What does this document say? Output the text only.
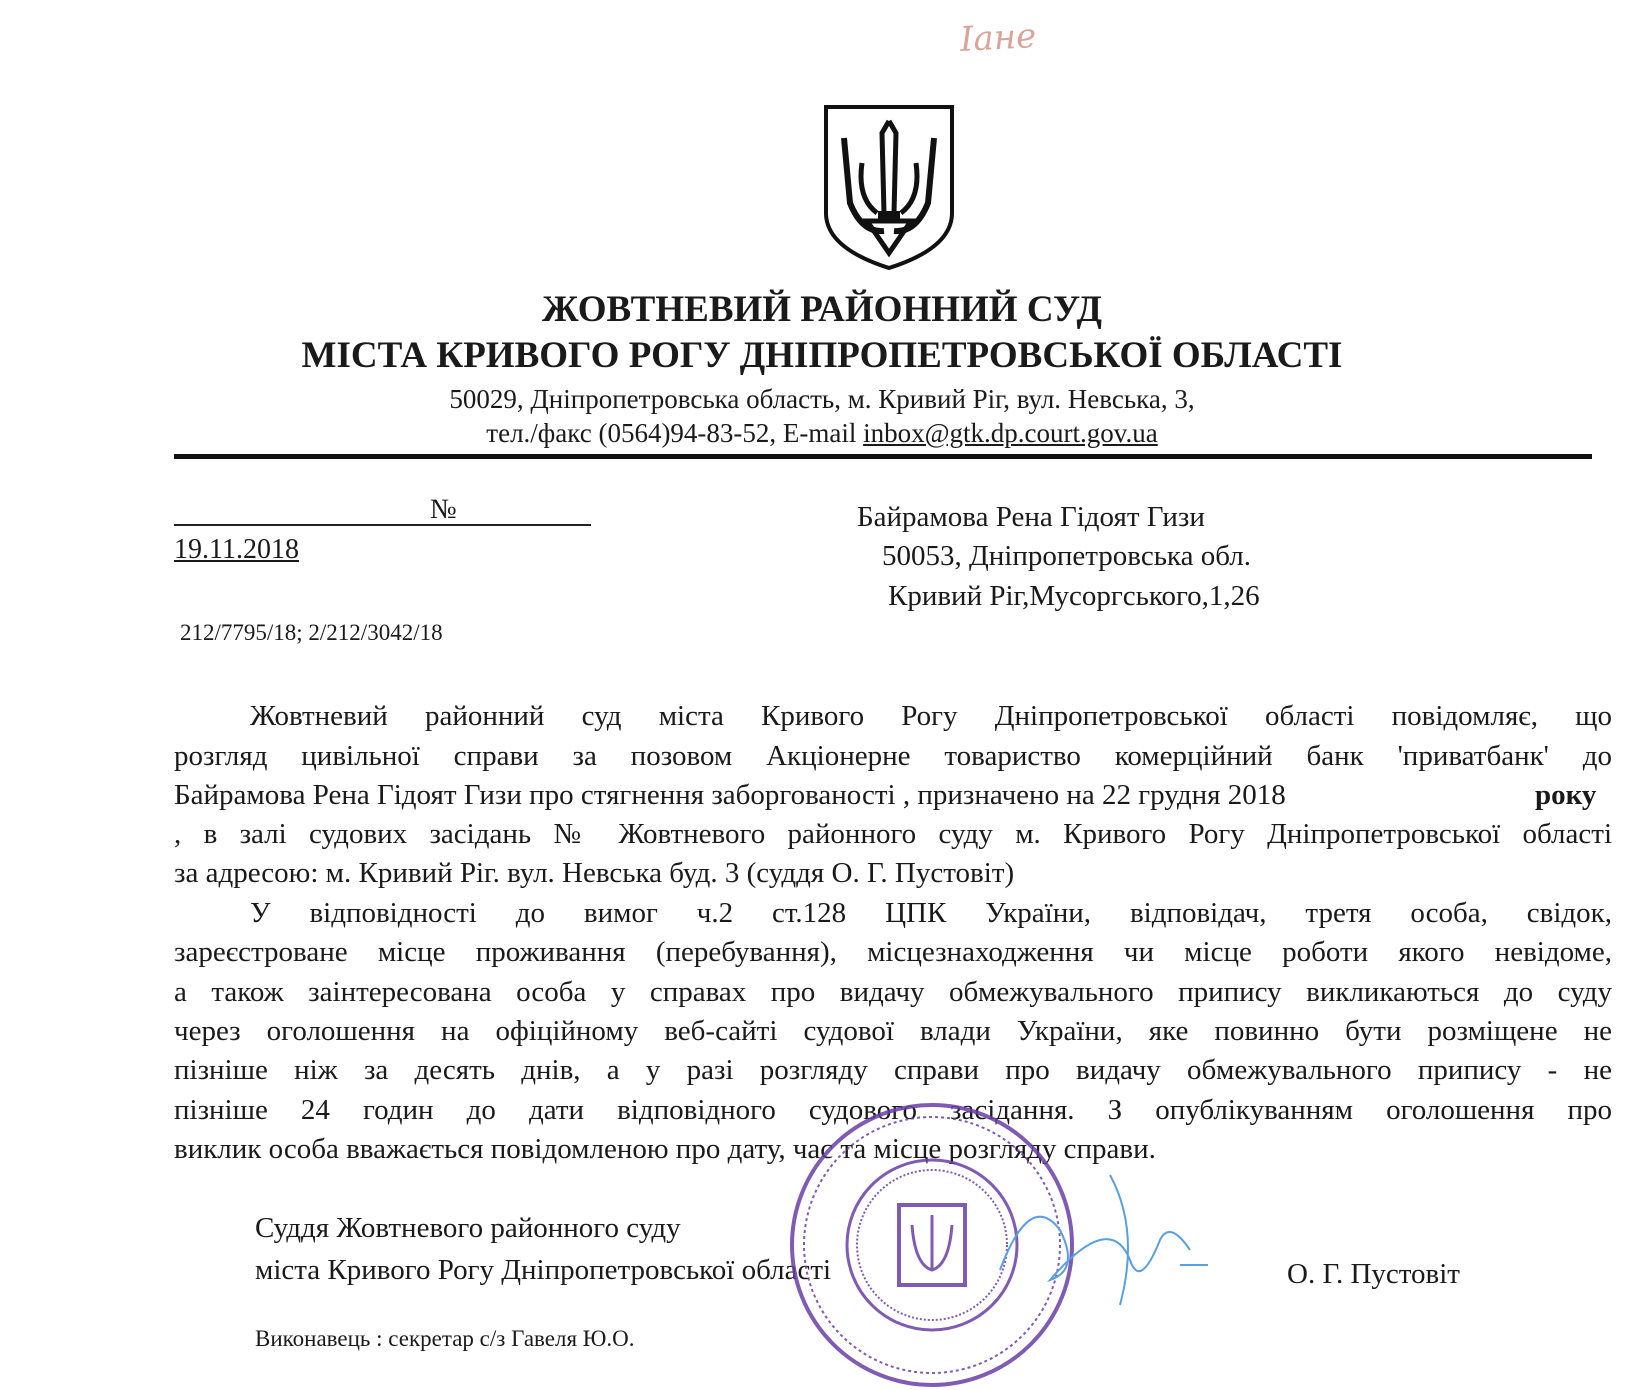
Іане
ЖОВТНЕВИЙ РАЙОННИЙ СУД
МІСТА КРИВОГО РОГУ ДНІПРОПЕТРОВСЬКОЇ ОБЛАСТІ
50029, Дніпропетровська область, м. Кривий Ріг, вул. Невська, 3,
тел./факс (0564)94-83-52, E-mail inbox@gtk.dp.court.gov.ua
№
19.11.2018
212/7795/18; 2/212/3042/18
Байрамова Рена Гідоят Гизи
50053, Дніпропетровська обл.
Кривий Ріг,Мусоргського,1,26
Жовтневий районний суд міста Кривого Рогу Дніпропетровської області повідомляє, що
розгляд цивільної справи за позовом Акціонерне товариство комерційний банк 'приватбанк' до
Байрамова Рена Гідоят Гизи про стягнення заборгованості , призначено на 22 грудня 2018	року
, в залі судових засідань № Жовтневого районного суду м. Кривого Рогу Дніпропетровської області
за адресою: м. Кривий Ріг. вул. Невська буд. 3 (суддя О. Г. Пустовіт)
У відповідності до вимог ч.2 ст.128 ЦПК України, відповідач, третя особа, свідок,
зареєстроване місце проживання (перебування), місцезнаходження чи місце роботи якого невідоме,
а також заінтересована особа у справах про видачу обмежувального припису викликаються до суду
через оголошення на офіційному веб-сайті судової влади України, яке повинно бути розміщене не
пізніше ніж за десять днів, а у разі розгляду справи про видачу обмежувального припису - не
пізніше 24 годин до дати відповідного судового засідання. З опублікуванням оголошення про
виклик особа вважається повідомленою про дату, час та місце розгляду справи.
Суддя Жовтневого районного суду
міста Кривого Рогу Дніпропетровської області	О. Г. Пустовіт
Виконавець : секретар с/з Гавеля Ю.О.
